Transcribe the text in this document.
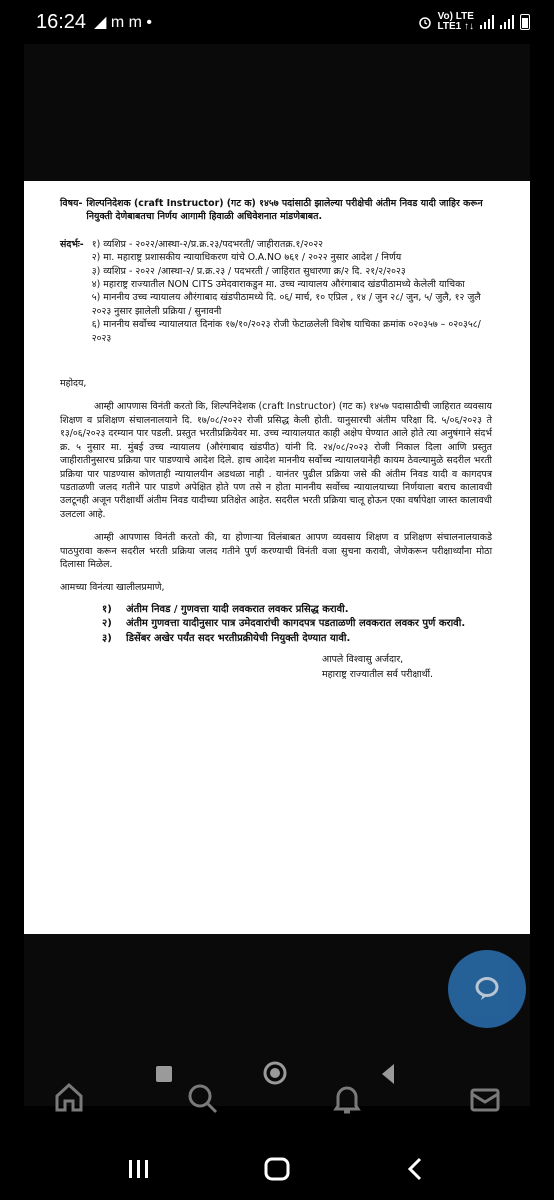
16:24 ◢ m m •	Vo) LTE
LTE1 ↑↓
विषय- शिल्पनिदेशक (craft Instructor) (गट क) १४५७ पदांसाठी झालेल्या परीक्षेची अंतीम निवड यादी जाहिर करून नियुक्ती देणेबाबतचा निर्णय आगामी हिवाळी अधिवेशनात मांडणेबाबत.
संदर्भः- १) व्यशिप्र - २०२२/आस्था-२/प्र.क्र.२३/पदभरती/ जाहीरातक्र.१/२०२२
२) मा. महाराष्ट्र प्रशासकीय न्यायाधिकरण यांचे O.A.NO ७६१ / २०२२ नुसार आदेश / निर्णय
३) व्यशिप्र - २०२२ /आस्था-२/ प्र.क्र.२३ / पदभरती / जाहिरात सुधारणा क्र/२ दि. २१/२/२०२३
४) महाराष्ट्र राज्यातील NON CITS उमेदवाराकडुन मा. उच्च न्यायालय औरंगाबाद खंडपीठामध्ये केलेली याचिका
५) माननीय उच्च न्यायालय औरंगाबाद खंडपीठामध्ये दि. ०६/ मार्च, १० एप्रिल , १४ / जुन २८/ जुन, ५/ जुलै, १२ जुलै २०२३ नुसार झालेली प्रक्रिया / सुनावनी
६) माननीय सर्वोच्च न्यायालयात दिनांक १७/१०/२०२३ रोजी फेटाळलेली विशेष याचिका क्रमांक ०२०३५७ – ०२०३५८/ २०२३
महोदय,
आम्ही आपणास विनंती करतो कि, शिल्पनिदेशक (craft Instructor) (गट क) १४५७ पदासाठीची जाहिरात व्यवसाय शिक्षण व प्रशिक्षण संचालनालयाने दि. १७/०८/२०२२ रोजी प्रसिद्ध केली होती. यानुसारची अंतीम परिक्षा दि. ५/०६/२०२३ ते १३/०६/२०२३ दरम्यान पार पडली. प्रस्तुत भरतीप्रक्रियेवर मा. उच्च न्यायालयात काही अक्षेप घेण्यात आले होते त्या अनुषंगाने संदर्भ क्र. ५ नुसार मा. मुंबई उच्च न्यायालय (औरंगाबाद खंडपीठ) यांनी दि. २४/०८/२०२३ रोजी निकाल दिला आणि प्रस्तुत जाहीरातीनुसारच प्रक्रिया पार पाडण्याचे आदेश दिले. हाच आदेश माननीय सर्वोच्च न्यायालयानेही कायम ठेवल्यामुळे सदरील भरती प्रक्रिया पार पाडण्यास कोणताही न्यायालयीन अडथळा नाही . यानंतर पुढील प्रक्रिया जसे की अंतीम निवड यादी व कागदपत्र पडताळणी जलद गतीने पार पाडणे अपेक्षित होते पण तसे न होता माननीय सर्वोच्च न्यायालयाच्या निर्णयाला बराच कालावधी उलटूनही अजून परीक्षार्थी अंतीम निवड यादीच्या प्रतिक्षेत आहेत. सदरील भरती प्रक्रिया चालू होऊन एका वर्षापेक्षा जास्त कालावधी उलटला आहे.
आम्ही आपणास विनंती करतो की, या होणाऱ्या विलंबाबत आपण व्यवसाय शिक्षण व प्रशिक्षण संचालनालयाकडे पाठपुरावा करून सदरील भरती प्रक्रिया जलद गतीने पुर्ण करण्याची विनंती वजा सुचना करावी, जेणेकरून परीक्षार्थ्यांना मोठा दिलासा मिळेल.
आमच्या विनंत्या खालीलप्रमाणे,
१)	अंतीम निवड / गुणवत्ता यादी लवकरात लवकर प्रसिद्ध करावी.
२)	अंतीम गुणवत्ता यादीनुसार पात्र उमेदवारांची कागदपत्र पडताळणी लवकरात लवकर पुर्ण करावी.
३)	डिसेंबर अखेर पर्यंत सदर भरतीप्रक्रीयेची नियुक्ती देण्यात यावी.
आपले विश्वासु अर्जदार,
महाराष्ट्र राज्यातील सर्व परीक्षार्थी.
